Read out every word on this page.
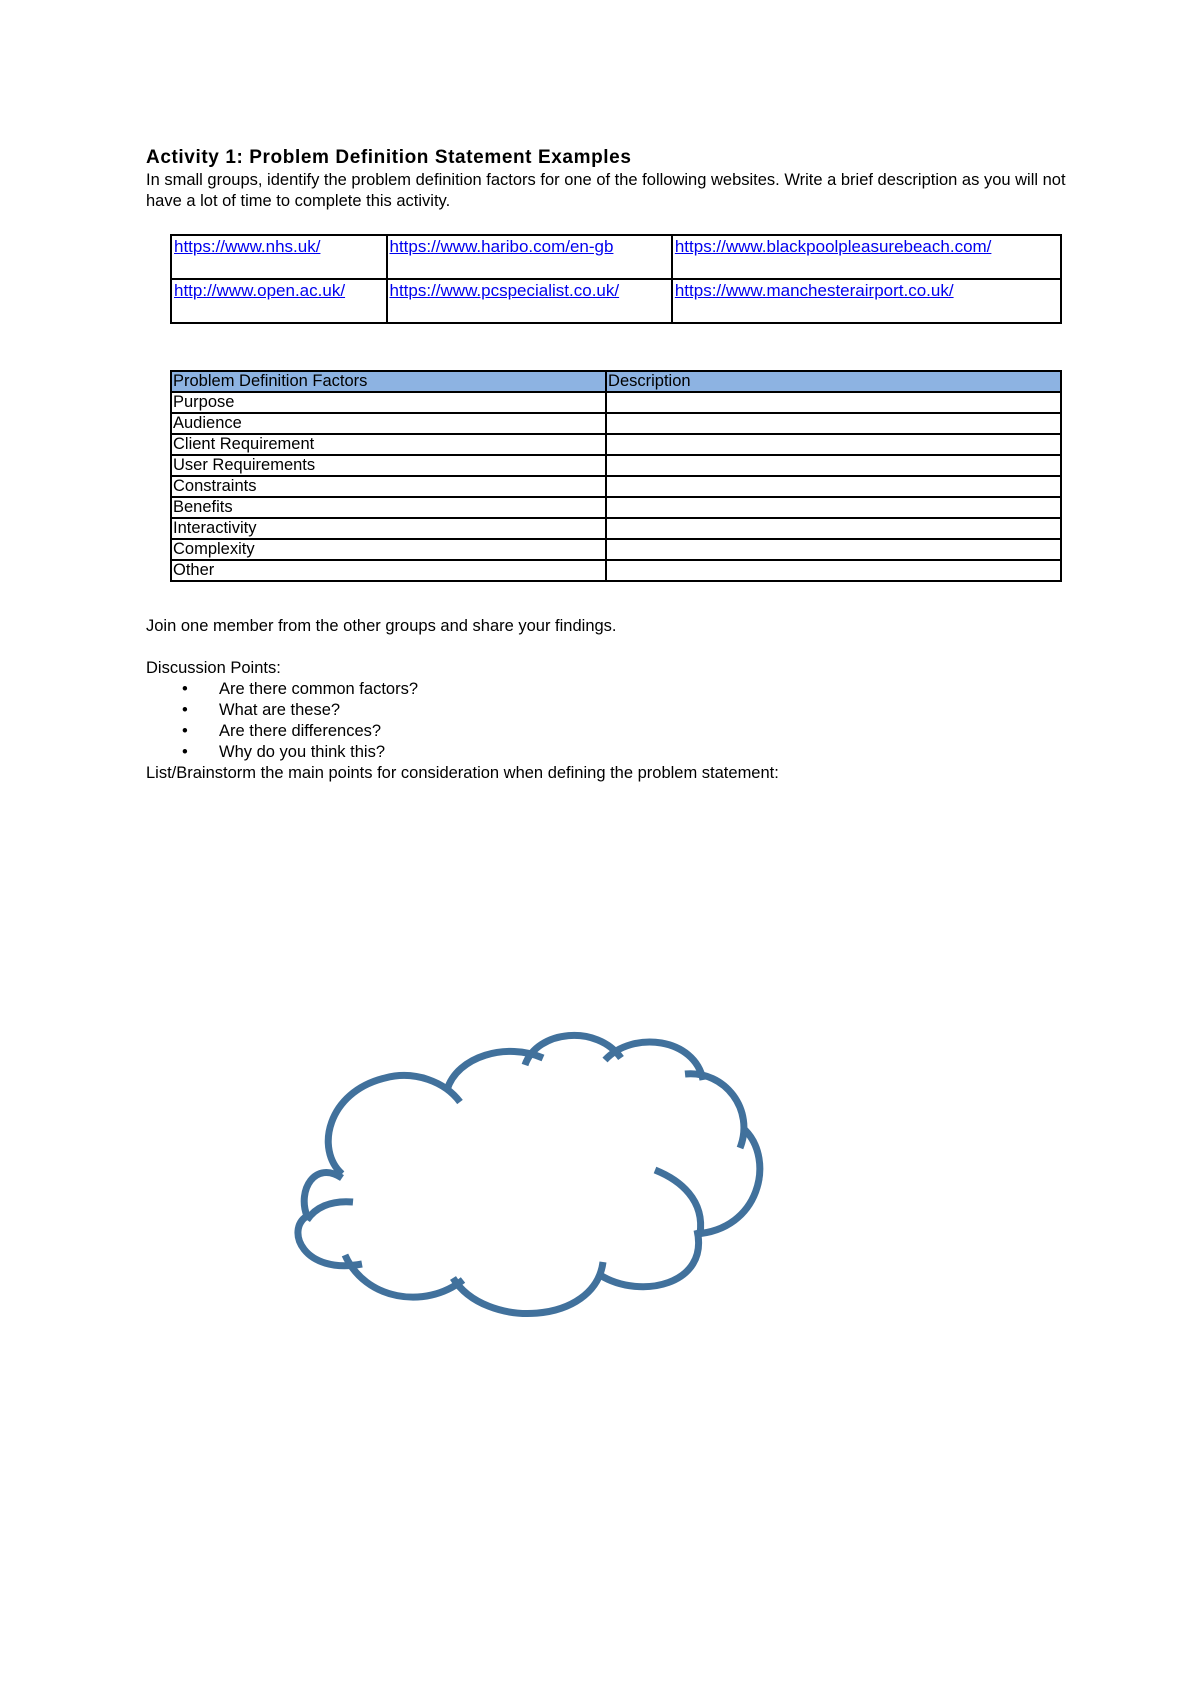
Activity 1: Problem Definition Statement Examples

In small groups, identify the problem definition factors for one of the following websites. Write a brief description as you will not have a lot of time to complete this activity.

https://www.nhs.uk/	https://www.haribo.com/en-gb	https://www.blackpoolpleasurebeach.com/
http://www.open.ac.uk/	https://www.pcspecialist.co.uk/	https://www.manchesterairport.co.uk/
Problem Definition Factors	Description
Purpose	
Audience	
Client Requirement	
User Requirements	
Constraints	
Benefits	
Interactivity	
Complexity	
Other	

Join one member from the other groups and share your findings.

Discussion Points:

• Are there common factors?
• What are these?
• Are there differences?
• Why do you think this?

List/Brainstorm the main points for consideration when defining the problem statement:
